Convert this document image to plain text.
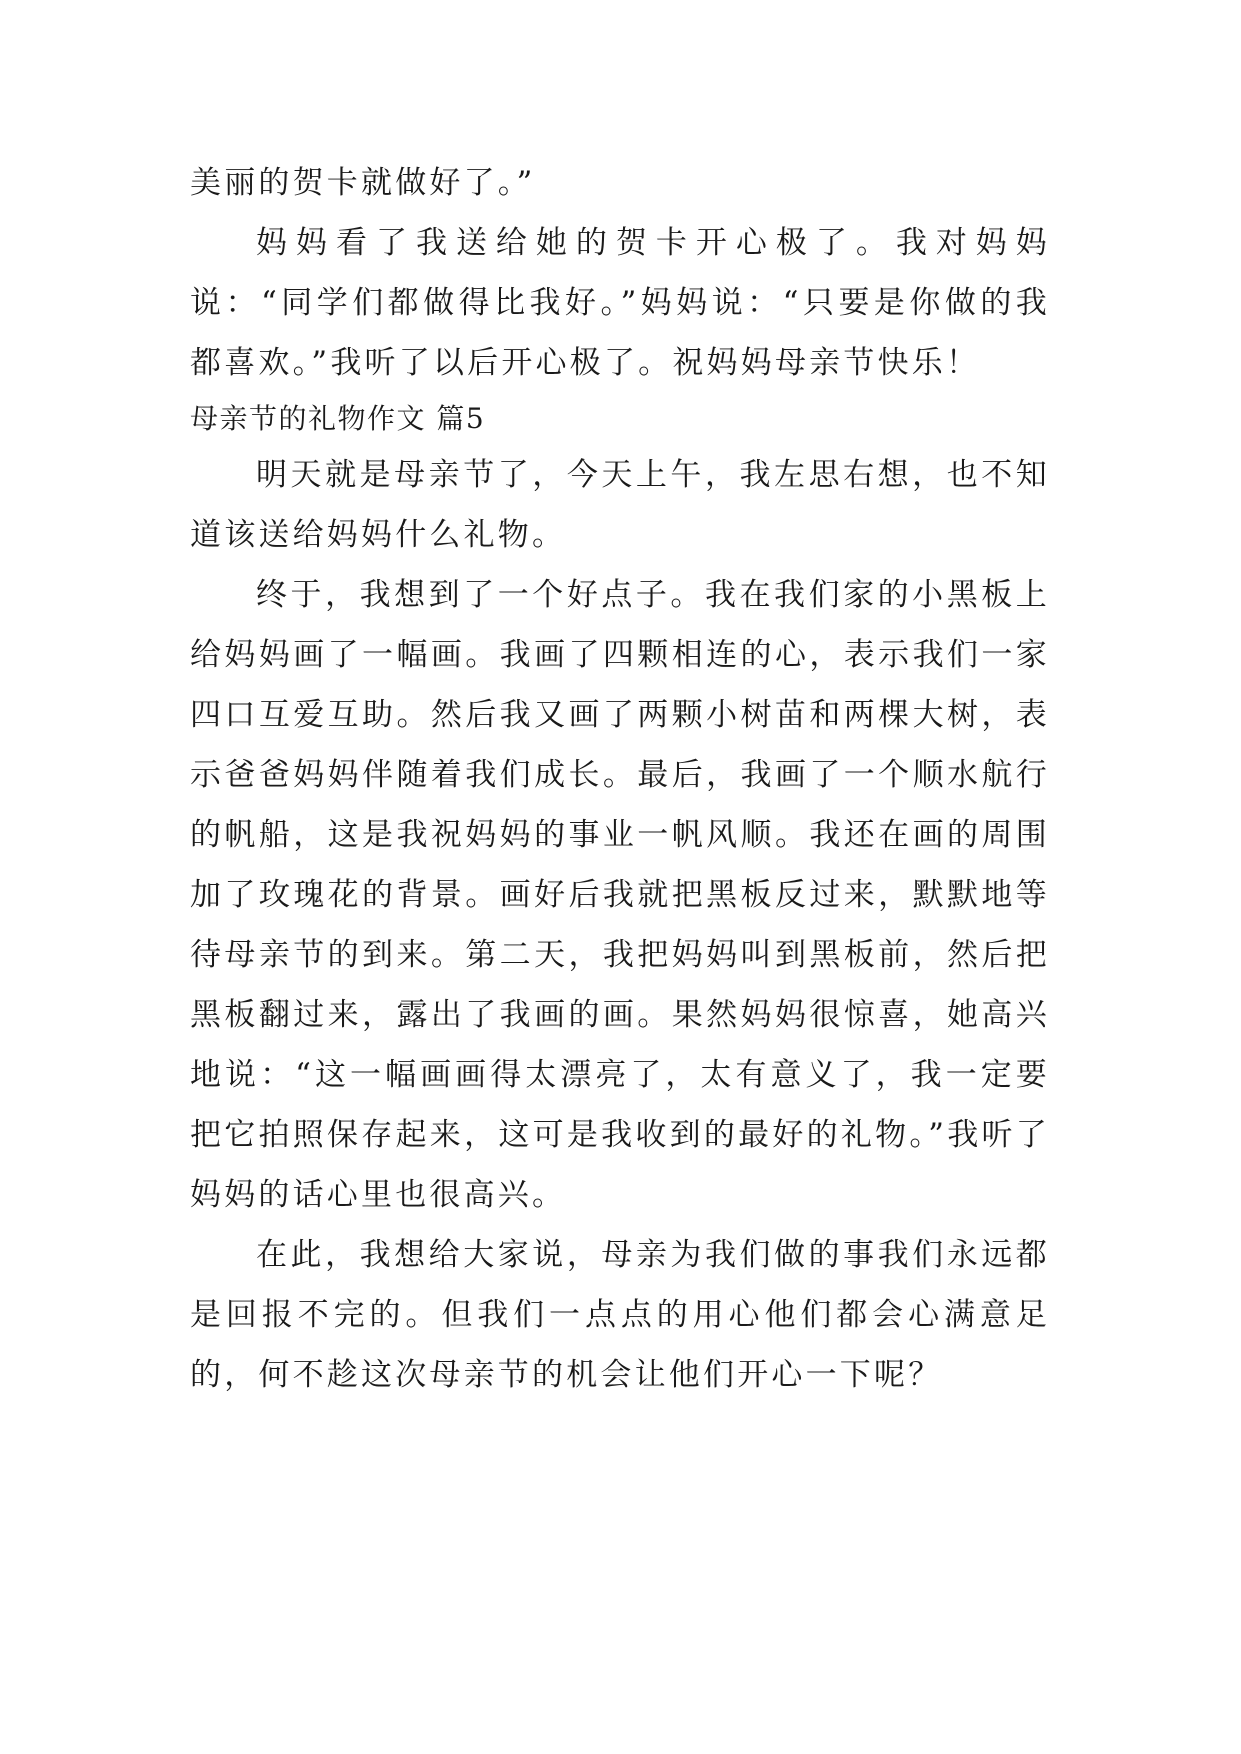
美丽的贺卡就做好了。”

妈妈看了我送给她的贺卡开心极了。我对妈妈说：“同学们都做得比我好。”妈妈说：“只要是你做的我都喜欢。”我听了以后开心极了。祝妈妈母亲节快乐！

母亲节的礼物作文 篇5

明天就是母亲节了，今天上午，我左思右想，也不知道该送给妈妈什么礼物。

终于，我想到了一个好点子。我在我们家的小黑板上给妈妈画了一幅画。我画了四颗相连的心，表示我们一家四口互爱互助。然后我又画了两颗小树苗和两棵大树，表示爸爸妈妈伴随着我们成长。最后，我画了一个顺水航行的帆船，这是我祝妈妈的事业一帆风顺。我还在画的周围加了玫瑰花的背景。画好后我就把黑板反过来，默默地等待母亲节的到来。第二天，我把妈妈叫到黑板前，然后把黑板翻过来，露出了我画的画。果然妈妈很惊喜，她高兴地说：“这一幅画画得太漂亮了，太有意义了，我一定要把它拍照保存起来，这可是我收到的最好的礼物。”我听了妈妈的话心里也很高兴。

在此，我想给大家说，母亲为我们做的事我们永远都是回报不完的。但我们一点点的用心他们都会心满意足的，何不趁这次母亲节的机会让他们开心一下呢？
